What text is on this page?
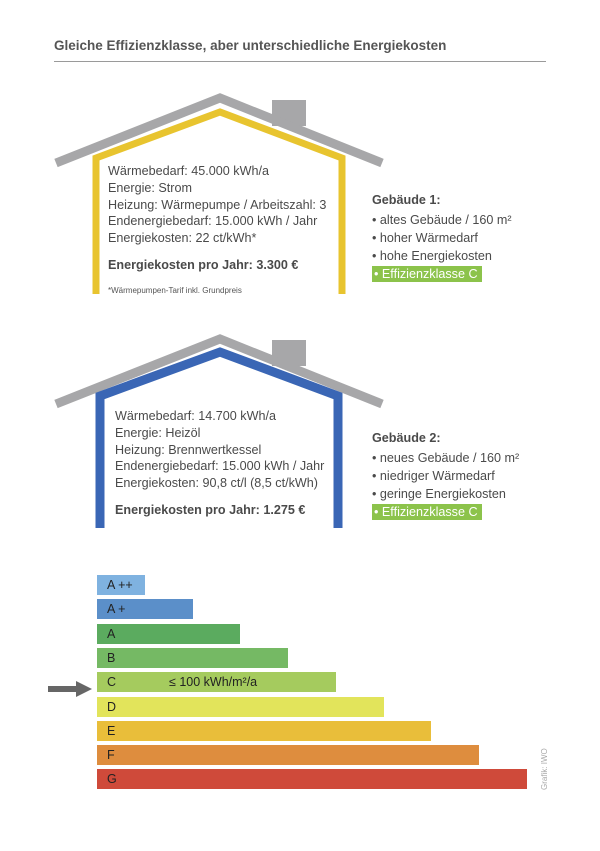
Gleiche Effizienzklasse, aber unterschiedliche Energiekosten
Wärmebedarf: 45.000 kWh/a
Energie: Strom
Heizung: Wärmepumpe / Arbeitszahl: 3
Endenergiebedarf: 15.000 kWh / Jahr
Energiekosten: 22 ct/kWh*
Energiekosten pro Jahr: 3.300 €
*Wärmepumpen-Tarif inkl. Grundpreis
Gebäude 1:
• altes Gebäude / 160 m²
• hoher Wärmedarf
• hohe Energiekosten
• Effizienzklasse C
Wärmebedarf: 14.700 kWh/a
Energie: Heizöl
Heizung: Brennwertkessel
Endenergiebedarf: 15.000 kWh / Jahr
Energiekosten: 90,8 ct/l (8,5 ct/kWh)
Energiekosten pro Jahr: 1.275 €
Gebäude 2:
• neues Gebäude / 160 m²
• niedriger Wärmedarf
• geringe Energiekosten
• Effizienzklasse C
A ++
A +
A
B
C	≤ 100 kWh/m²/a
D
E
F
G	Grafik: IWO
